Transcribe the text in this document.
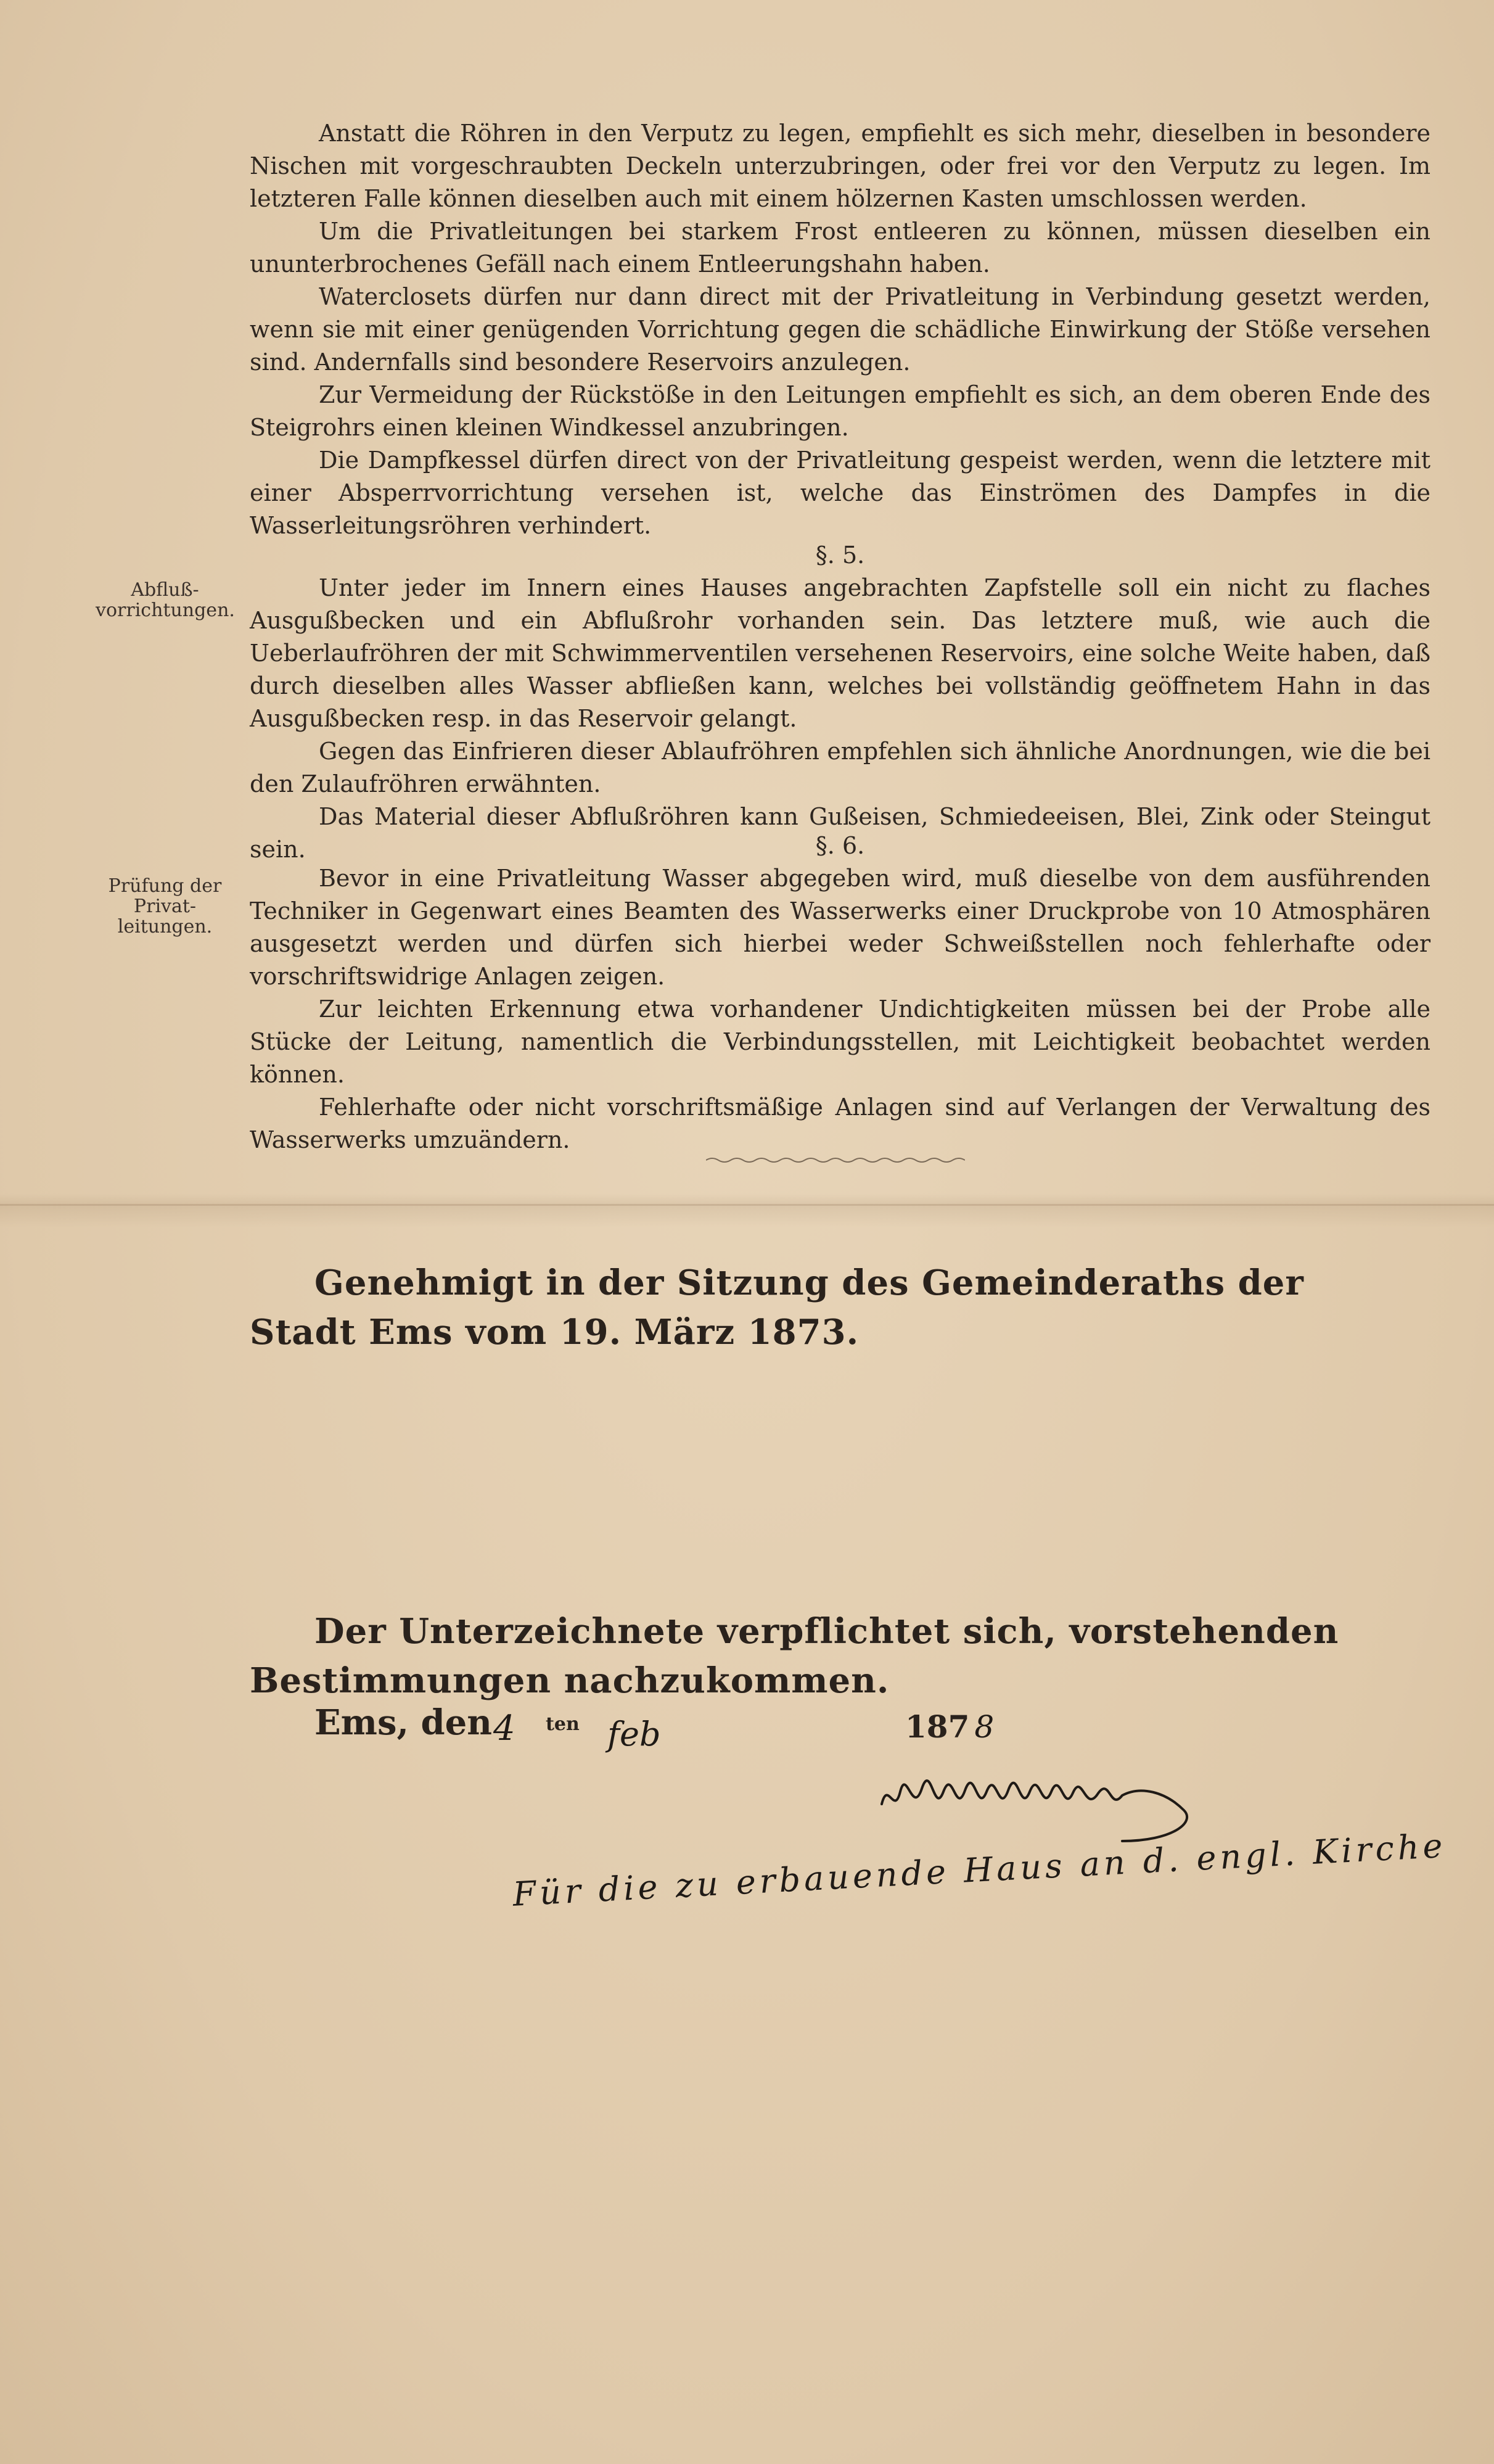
Anstatt die Röhren in den Verputz zu legen, empfiehlt es sich mehr, dieselben in besondere Nischen mit vorgeschraubten Deckeln unterzubringen, oder frei vor den Verputz zu legen. Im letzteren Falle können dieselben auch mit einem hölzernen Kasten umschlossen werden.

Um die Privatleitungen bei starkem Frost entleeren zu können, müssen dieselben ein ununterbrochenes Gefäll nach einem Entleerungshahn haben.

Waterclosets dürfen nur dann direct mit der Privatleitung in Verbindung gesetzt werden, wenn sie mit einer genügenden Vorrichtung gegen die schädliche Einwirkung der Stöße versehen sind. Andernfalls sind besondere Reservoirs anzulegen.

Zur Vermeidung der Rückstöße in den Leitungen empfiehlt es sich, an dem oberen Ende des Steigrohrs einen kleinen Windkessel anzubringen.

Die Dampfkessel dürfen direct von der Privatleitung gespeist werden, wenn die letztere mit einer Absperrvorrichtung versehen ist, welche das Einströmen des Dampfes in die Wasserleitungsröhren verhindert.

§. 5.

Unter jeder im Innern eines Hauses angebrachten Zapfstelle soll ein nicht zu flaches Ausgußbecken und ein Abflußrohr vorhanden sein. Das letztere muß, wie auch die Ueberlaufröhren der mit Schwimmerventilen versehenen Reservoirs, eine solche Weite haben, daß durch dieselben alles Wasser abfließen kann, welches bei vollständig geöffnetem Hahn in das Ausgußbecken resp. in das Reservoir gelangt.

Gegen das Einfrieren dieser Ablaufröhren empfehlen sich ähnliche Anordnungen, wie die bei den Zulaufröhren erwähnten.

Das Material dieser Abflußröhren kann Gußeisen, Schmiedeeisen, Blei, Zink oder Steingut sein.

Abfluß-vorrichtungen.

§. 6.

Bevor in eine Privatleitung Wasser abgegeben wird, muß dieselbe von dem ausführenden Techniker in Gegenwart eines Beamten des Wasserwerks einer Druckprobe von 10 Atmosphären ausgesetzt werden und dürfen sich hierbei weder Schweißstellen noch fehlerhafte oder vorschriftswidrige Anlagen zeigen.

Zur leichten Erkennung etwa vorhandener Undichtigkeiten müssen bei der Probe alle Stücke der Leitung, namentlich die Verbindungsstellen, mit Leichtigkeit beobachtet werden können.

Fehlerhafte oder nicht vorschriftsmäßige Anlagen sind auf Verlangen der Verwaltung des Wasserwerks umzuändern.

Prüfung der Privat-leitungen.
Genehmigt in der Sitzung des Gemeinderaths der Stadt Ems vom 19. März 1873.
Der Unterzeichnete verpflichtet sich, vorstehenden Bestimmungen nachzukommen.
Ems, den 4 ten feb	187 8
Für die zu erbauende Haus an d. engl. Kirche
